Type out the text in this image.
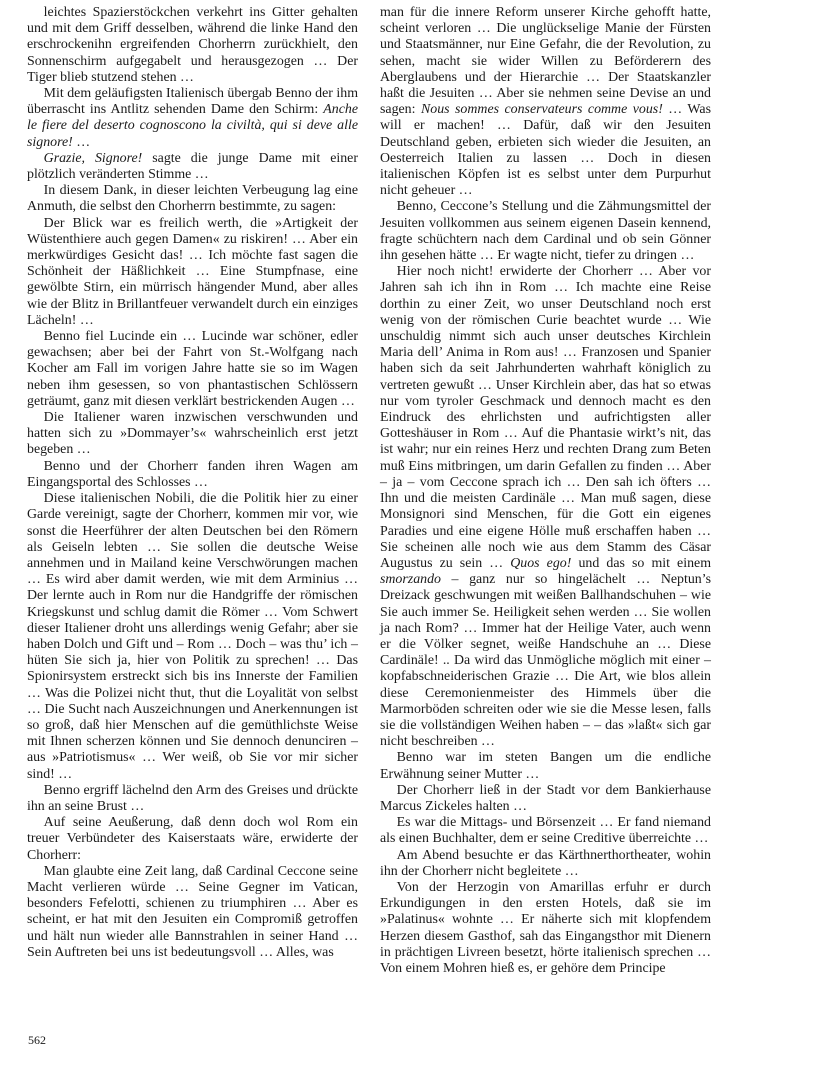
leichtes Spazierstöckchen verkehrt ins Gitter gehalten und mit dem Griff desselben, während die linke Hand den erschrockenihn ergreifenden Chorherrn zurückhielt, den Sonnenschirm aufgegabelt und herausgezogen … Der Tiger blieb stutzend stehen …

Mit dem geläufigsten Italienisch übergab Benno der ihm überrascht ins Antlitz sehenden Dame den Schirm: Anche le fiere del deserto cognoscono la civiltà, qui si deve alle signore! …

Grazie, Signore! sagte die junge Dame mit einer plötzlich veränderten Stimme …

In diesem Dank, in dieser leichten Verbeugung lag eine Anmuth, die selbst den Chorherrn bestimmte, zu sagen:

Der Blick war es freilich werth, die »Artigkeit der Wüstenthiere auch gegen Damen« zu riskiren! … Aber ein merkwürdiges Gesicht das! … Ich möchte fast sagen die Schönheit der Häßlichkeit … Eine Stumpfnase, eine gewölbte Stirn, ein mürrisch hängender Mund, aber alles wie der Blitz in Brillantfeuer verwandelt durch ein einziges Lächeln! …

Benno fiel Lucinde ein … Lucinde war schöner, edler gewachsen; aber bei der Fahrt von St.-Wolfgang nach Kocher am Fall im vorigen Jahre hatte sie so im Wagen neben ihm gesessen, so von phantastischen Schlössern geträumt, ganz mit diesen verklärt bestrickenden Augen …

Die Italiener waren inzwischen verschwunden und hatten sich zu »Dommayer’s« wahrscheinlich erst jetzt begeben …

Benno und der Chorherr fanden ihren Wagen am Eingangsportal des Schlosses …

Diese italienischen Nobili, die die Politik hier zu einer Garde vereinigt, sagte der Chorherr, kommen mir vor, wie sonst die Heerführer der alten Deutschen bei den Römern als Geiseln lebten … Sie sollen die deutsche Weise annehmen und in Mailand keine Verschwörungen machen … Es wird aber damit werden, wie mit dem Arminius … Der lernte auch in Rom nur die Handgriffe der römischen Kriegskunst und schlug damit die Römer … Vom Schwert dieser Italiener droht uns allerdings wenig Gefahr; aber sie haben Dolch und Gift und – Rom … Doch – was thu’ ich – hüten Sie sich ja, hier von Politik zu sprechen! … Das Spionirsystem erstreckt sich bis ins Innerste der Familien … Was die Polizei nicht thut, thut die Loyalität von selbst … Die Sucht nach Auszeichnungen und Anerkennungen ist so groß, daß hier Menschen auf die gemüthlichste Weise mit Ihnen scherzen können und Sie dennoch denunciren – aus »Patriotismus« … Wer weiß, ob Sie vor mir sicher sind! …

Benno ergriff lächelnd den Arm des Greises und drückte ihn an seine Brust …

Auf seine Aeußerung, daß denn doch wol Rom ein treuer Verbündeter des Kaiserstaats wäre, erwiderte der Chorherr:

Man glaubte eine Zeit lang, daß Cardinal Ceccone seine Macht verlieren würde … Seine Gegner im Vatican, besonders Fefelotti, schienen zu triumphiren … Aber es scheint, er hat mit den Jesuiten ein Compromiß getroffen und hält nun wieder alle Bannstrahlen in seiner Hand … Sein Auftreten bei uns ist bedeutungsvoll … Alles, was

man für die innere Reform unserer Kirche gehofft hatte, scheint verloren … Die unglückselige Manie der Fürsten und Staatsmänner, nur Eine Gefahr, die der Revolution, zu sehen, macht sie wider Willen zu Beförderern des Aberglaubens und der Hierarchie … Der Staatskanzler haßt die Jesuiten … Aber sie nehmen seine Devise an und sagen: Nous sommes conservateurs comme vous! … Was will er machen! … Dafür, daß wir den Jesuiten Deutschland geben, erbieten sich wieder die Jesuiten, an Oesterreich Italien zu lassen … Doch in diesen italienischen Köpfen ist es selbst unter dem Purpurhut nicht geheuer …

Benno, Ceccone’s Stellung und die Zähmungsmittel der Jesuiten vollkommen aus seinem eigenen Dasein kennend, fragte schüchtern nach dem Cardinal und ob sein Gönner ihn gesehen hätte … Er wagte nicht, tiefer zu dringen …

Hier noch nicht! erwiderte der Chorherr … Aber vor Jahren sah ich ihn in Rom … Ich machte eine Reise dorthin zu einer Zeit, wo unser Deutschland noch erst wenig von der römischen Curie beachtet wurde … Wie unschuldig nimmt sich auch unser deutsches Kirchlein Maria dell’ Anima in Rom aus! … Franzosen und Spanier haben sich da seit Jahrhunderten wahrhaft königlich zu vertreten gewußt … Unser Kirchlein aber, das hat so etwas nur vom tyroler Geschmack und dennoch macht es den Eindruck des ehrlichsten und aufrichtigsten aller Gotteshäuser in Rom … Auf die Phantasie wirkt’s nit, das ist wahr; nur ein reines Herz und rechten Drang zum Beten muß Eins mitbringen, um darin Gefallen zu finden … Aber – ja – vom Ceccone sprach ich … Den sah ich öfters … Ihn und die meisten Cardinäle … Man muß sagen, diese Monsignori sind Menschen, für die Gott ein eigenes Paradies und eine eigene Hölle muß erschaffen haben … Sie scheinen alle noch wie aus dem Stamm des Cäsar Augustus zu sein … Quos ego! und das so mit einem smorzando – ganz nur so hingelächelt … Neptun’s Dreizack geschwungen mit weißen Ballhandschuhen – wie Sie auch immer Se. Heiligkeit sehen werden … Sie wollen ja nach Rom? … Immer hat der Heilige Vater, auch wenn er die Völker segnet, weiße Handschuhe an … Diese Cardinäle! .. Da wird das Unmögliche möglich mit einer – kopfabschneiderischen Grazie … Die Art, wie blos allein diese Ceremonienmeister des Himmels über die Marmorböden schreiten oder wie sie die Messe lesen, falls sie die vollständigen Weihen haben – – das »laßt« sich gar nicht beschreiben …

Benno war im steten Bangen um die endliche Erwähnung seiner Mutter …

Der Chorherr ließ in der Stadt vor dem Bankierhause Marcus Zickeles halten …

Es war die Mittags- und Börsenzeit … Er fand niemand als einen Buchhalter, dem er seine Creditive überreichte …

Am Abend besuchte er das Kärthnerthortheater, wohin ihn der Chorherr nicht begleitete …

Von der Herzogin von Amarillas erfuhr er durch Erkundigungen in den ersten Hotels, daß sie im »Palatinus« wohnte … Er näherte sich mit klopfendem Herzen diesem Gasthof, sah das Eingangsthor mit Dienern in prächtigen Livreen besetzt, hörte italienisch sprechen … Von einem Mohren hieß es, er gehöre dem Principe

562
